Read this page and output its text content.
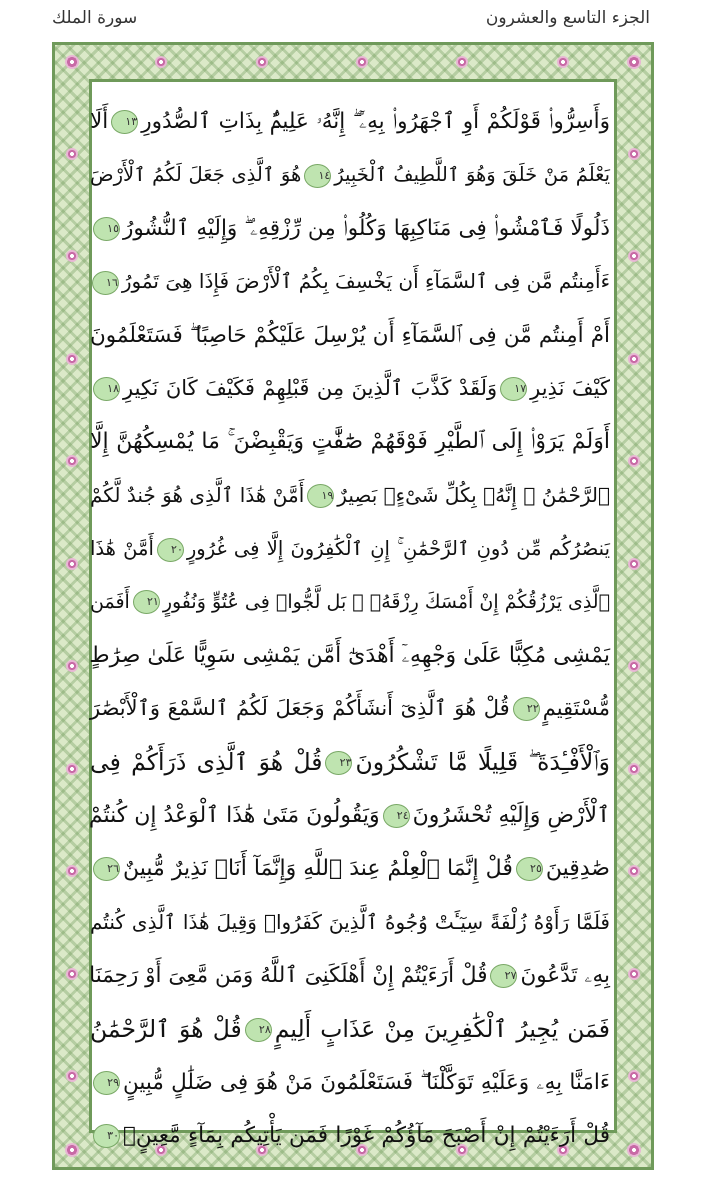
الجزء التاسع والعشرون
سورة الملك
وَأَسِرُّوا۟ قَوْلَكُمْ أَوِ ٱجْهَرُوا۟ بِهِۦٓ ۖ إِنَّهُۥ عَلِيمٌۢ بِذَاتِ ٱلصُّدُورِ١٣أَلَا
يَعْلَمُ مَنْ خَلَقَ وَهُوَ ٱللَّطِيفُ ٱلْخَبِيرُ١٤هُوَ ٱلَّذِى جَعَلَ لَكُمُ ٱلْأَرْضَ
ذَلُولًا فَٱمْشُوا۟ فِى مَنَاكِبِهَا وَكُلُوا۟ مِن رِّزْقِهِۦ ۖ وَإِلَيْهِ ٱلنُّشُورُ١٥
ءَأَمِنتُم مَّن فِى ٱلسَّمَآءِ أَن يَخْسِفَ بِكُمُ ٱلْأَرْضَ فَإِذَا هِىَ تَمُورُ١٦
أَمْ أَمِنتُم مَّن فِى ٱلسَّمَآءِ أَن يُرْسِلَ عَلَيْكُمْ حَاصِبًا ۖ فَسَتَعْلَمُونَ
كَيْفَ نَذِيرِ١٧وَلَقَدْ كَذَّبَ ٱلَّذِينَ مِن قَبْلِهِمْ فَكَيْفَ كَانَ نَكِيرِ١٨
أَوَلَمْ يَرَوْا۟ إِلَى ٱلطَّيْرِ فَوْقَهُمْ صَٰٓفَّٰتٍ وَيَقْبِضْنَ ۚ مَا يُمْسِكُهُنَّ إِلَّا
ٱلرَّحْمَٰنُ ۚ إِنَّهُۥ بِكُلِّ شَىْءٍۭ بَصِيرٌ١٩أَمَّنْ هَٰذَا ٱلَّذِى هُوَ جُندٌ لَّكُمْ
يَنصُرُكُم مِّن دُونِ ٱلرَّحْمَٰنِ ۚ إِنِ ٱلْكَٰفِرُونَ إِلَّا فِى غُرُورٍ٢٠أَمَّنْ هَٰذَا
ٱلَّذِى يَرْزُقُكُمْ إِنْ أَمْسَكَ رِزْقَهُۥ ۚ بَل لَّجُّوا۟ فِى عُتُوٍّ وَنُفُورٍ٢١أَفَمَن
يَمْشِى مُكِبًّا عَلَىٰ وَجْهِهِۦٓ أَهْدَىٰٓ أَمَّن يَمْشِى سَوِيًّا عَلَىٰ صِرَٰطٍ
مُّسْتَقِيمٍ٢٢قُلْ هُوَ ٱلَّذِىٓ أَنشَأَكُمْ وَجَعَلَ لَكُمُ ٱلسَّمْعَ وَٱلْأَبْصَٰرَ
وَٱلْأَفْـِٔدَةَ ۖ قَلِيلًا مَّا تَشْكُرُونَ٢٣قُلْ هُوَ ٱلَّذِى ذَرَأَكُمْ فِى
ٱلْأَرْضِ وَإِلَيْهِ تُحْشَرُونَ٢٤وَيَقُولُونَ مَتَىٰ هَٰذَا ٱلْوَعْدُ إِن كُنتُمْ
صَٰدِقِينَ٢٥قُلْ إِنَّمَا ٱلْعِلْمُ عِندَ ٱللَّهِ وَإِنَّمَآ أَنَا۠ نَذِيرٌ مُّبِينٌ٢٦
فَلَمَّا رَأَوْهُ زُلْفَةً سِيٓـَٔتْ وُجُوهُ ٱلَّذِينَ كَفَرُوا۟ وَقِيلَ هَٰذَا ٱلَّذِى كُنتُم
بِهِۦ تَدَّعُونَ٢٧قُلْ أَرَءَيْتُمْ إِنْ أَهْلَكَنِىَ ٱللَّهُ وَمَن مَّعِىَ أَوْ رَحِمَنَا
فَمَن يُجِيرُ ٱلْكَٰفِرِينَ مِنْ عَذَابٍ أَلِيمٍ٢٨قُلْ هُوَ ٱلرَّحْمَٰنُ
ءَامَنَّا بِهِۦ وَعَلَيْهِ تَوَكَّلْنَا ۖ فَسَتَعْلَمُونَ مَنْ هُوَ فِى ضَلَٰلٍ مُّبِينٍ٢٩
قُلْ أَرَءَيْتُمْ إِنْ أَصْبَحَ مَآؤُكُمْ غَوْرًا فَمَن يَأْتِيكُم بِمَآءٍ مَّعِينٍۭ٣٠
